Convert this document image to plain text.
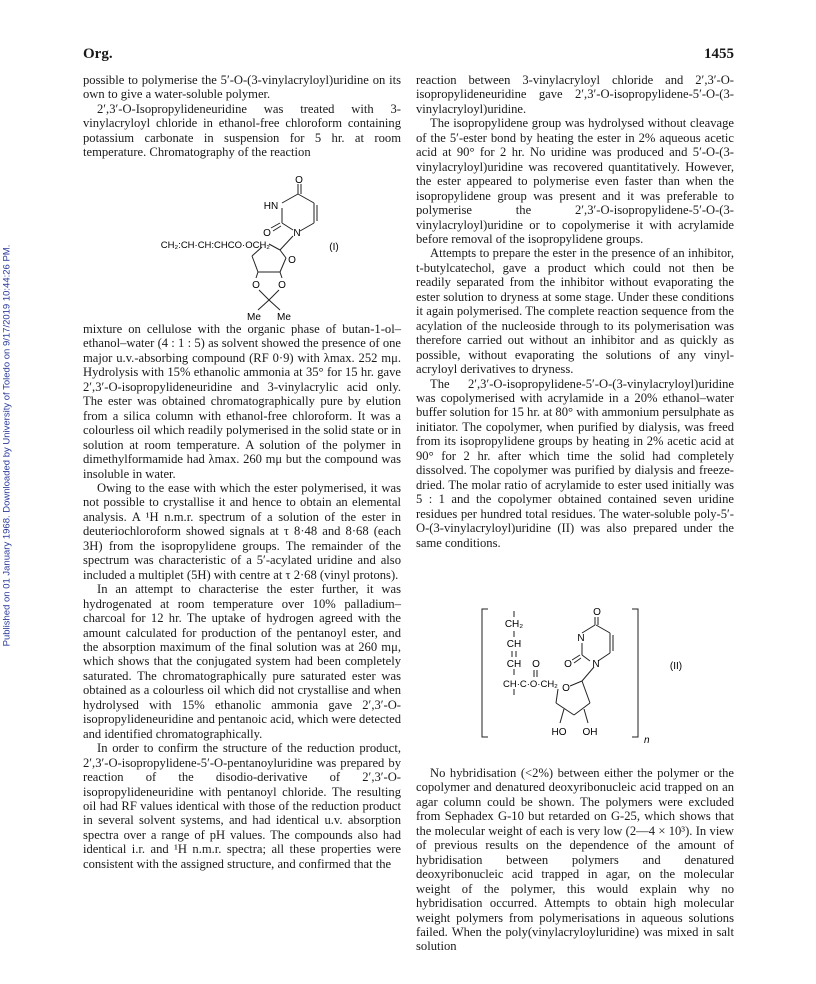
Org.	1455
Published on 01 January 1968. Downloaded by University of Toledo on 9/17/2019 10:44:26 PM.

possible to polymerise the 5′-O-(3-vinylacryloyl)uridine on its own to give a water-soluble polymer.

2′,3′-O-Isopropylideneuridine was treated with 3-vinylacryloyl chloride in ethanol-free chloroform containing potassium carbonate in suspension for 5 hr. at room temperature. Chromatography of the reaction

O
HN
O N
O
CH₂:CH·CH:CHCO·OCH₂	(I)
O O
Me Me

mixture on cellulose with the organic phase of butan-1-ol–ethanol–water (4 : 1 : 5) as solvent showed the presence of one major u.v.-absorbing compound (RF 0·9) with λmax. 252 mμ. Hydrolysis with 15% ethanolic ammonia at 35° for 15 hr. gave 2′,3′-O-isopropylideneuridine and 3-vinylacrylic acid only. The ester was obtained chromatographically pure by elution from a silica column with ethanol-free chloroform. It was a colourless oil which readily polymerised in the solid state or in solution at room temperature. A solution of the polymer in dimethylformamide had λmax. 260 mμ but the compound was insoluble in water.

Owing to the ease with which the ester polymerised, it was not possible to crystallise it and hence to obtain an elemental analysis. A ¹H n.m.r. spectrum of a solution of the ester in deuteriochloroform showed signals at τ 8·48 and 8·68 (each 3H) from the isopropylidene groups. The remainder of the spectrum was characteristic of a 5′-acylated uridine and also included a multiplet (5H) with centre at τ 2·68 (vinyl protons).

In an attempt to characterise the ester further, it was hydrogenated at room temperature over 10% palladium–charcoal for 12 hr. The uptake of hydrogen agreed with the amount calculated for production of the pentanoyl ester, and the absorption maximum of the final solution was at 260 mμ, which shows that the conjugated system had been completely saturated. The chromatographically pure saturated ester was obtained as a colourless oil which did not crystallise and when hydrolysed with 15% ethanolic ammonia gave 2′,3′-O-isopropylideneuridine and pentanoic acid, which were detected and identified chromatographically.

In order to confirm the structure of the reduction product, 2′,3′-O-isopropylidene-5′-O-pentanoyluridine was prepared by reaction of the disodio-derivative of 2′,3′-O-isopropylideneuridine with pentanoyl chloride. The resulting oil had RF values identical with those of the reduction product in several solvent systems, and had identical u.v. absorption spectra over a range of pH values. The compounds also had identical i.r. and ¹H n.m.r. spectra; all these properties were consistent with the assigned structure, and confirmed that the

reaction between 3-vinylacryloyl chloride and 2′,3′-O-isopropylideneuridine gave 2′,3′-O-isopropylidene-5′-O-(3-vinylacryloyl)uridine.

The isopropylidene group was hydrolysed without cleavage of the 5′-ester bond by heating the ester in 2% aqueous acetic acid at 90° for 2 hr. No uridine was produced and 5′-O-(3-vinylacryloyl)uridine was recovered quantitatively. However, the ester appeared to polymerise even faster than when the isopropylidene group was present and it was preferable to polymerise the 2′,3′-O-isopropylidene-5′-O-(3-vinylacryloyl)uridine or to copolymerise it with acrylamide before removal of the isopropylidene groups.

Attempts to prepare the ester in the presence of an inhibitor, t-butylcatechol, gave a product which could not then be readily separated from the inhibitor without evaporating the ester solution to dryness at some stage. Under these conditions it again polymerised. The complete reaction sequence from the acylation of the nucleoside through to its polymerisation was therefore carried out without an inhibitor and as quickly as possible, without evaporating the solutions of any vinyl-acryloyl derivatives to dryness.

The 2′,3′-O-isopropylidene-5′-O-(3-vinylacryloyl)uridine was copolymerised with acrylamide in a 20% ethanol–water buffer solution for 15 hr. at 80° with ammonium persulphate as initiator. The copolymer, when purified by dialysis, was freed from its isopropylidene groups by heating in 2% acetic acid at 90° for 2 hr. after which time the solid had completely dissolved. The copolymer was purified by dialysis and freeze-dried. The molar ratio of acrylamide to ester used initially was 5 : 1 and the copolymer obtained contained seven uridine residues per hundred total residues. The water-soluble poly-5′-O-(3-vinylacryloyl)uridine (II) was also prepared under the same conditions.

CH₂
CH
CH O
CH·C·O·CH₂
O
N
O N
O
HO OH
n
(II)

No hybridisation (<2%) between either the polymer or the copolymer and denatured deoxyribonucleic acid trapped on an agar column could be shown. The polymers were excluded from Sephadex G-10 but retarded on G-25, which shows that the molecular weight of each is very low (2—4 × 10³). In view of previous results on the dependence of the amount of hybridisation between polymers and denatured deoxyribonucleic acid trapped in agar, on the molecular weight of the polymer, this would explain why no hybridisation occurred. Attempts to obtain high molecular weight polymers from polymerisations in aqueous solutions failed. When the poly(vinylacryloyluridine) was mixed in salt solution
